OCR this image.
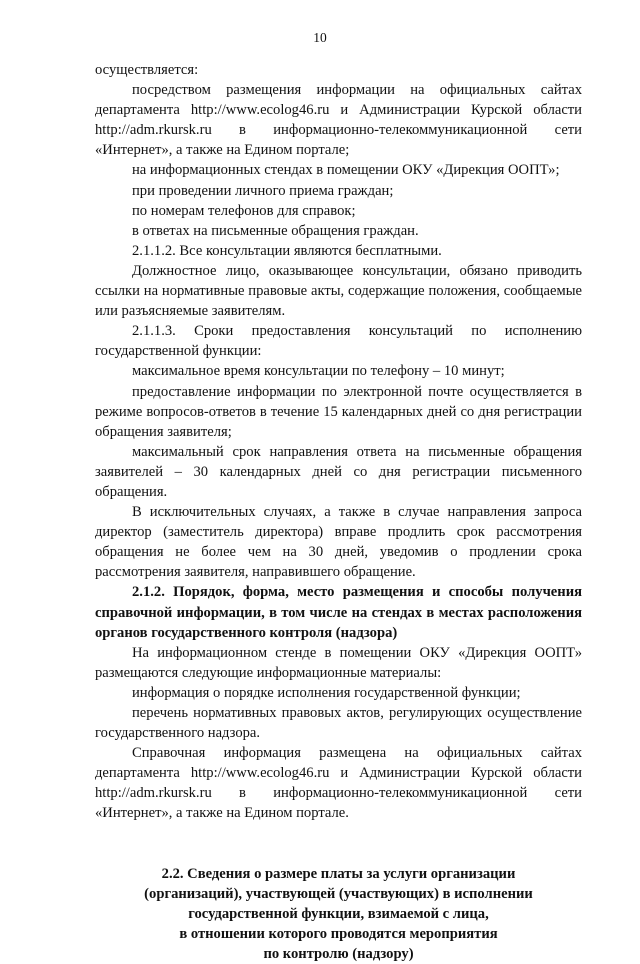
10

осуществляется:

посредством размещения информации на официальных сайтах департамента http://www.ecolog46.ru и Администрации Курской области http://adm.rkursk.ru в информационно-телекоммуникационной сети «Интернет», а также на Едином портале;

на информационных стендах в помещении ОКУ «Дирекция ООПТ»;

при проведении личного приема граждан;

по номерам телефонов для справок;

в ответах на письменные обращения граждан.

2.1.1.2. Все консультации являются бесплатными.

Должностное лицо, оказывающее консультации, обязано приводить ссылки на нормативные правовые акты, содержащие положения, сообщаемые или разъясняемые заявителям.

2.1.1.3. Сроки предоставления консультаций по исполнению государственной функции:

максимальное время консультации по телефону – 10 минут;

предоставление информации по электронной почте осуществляется в режиме вопросов-ответов в течение 15 календарных дней со дня регистрации обращения заявителя;

максимальный срок направления ответа на письменные обращения заявителей – 30 календарных дней со дня регистрации письменного обращения.

В исключительных случаях, а также в случае направления запроса директор (заместитель директора) вправе продлить срок рассмотрения обращения не более чем на 30 дней, уведомив о продлении срока рассмотрения заявителя, направившего обращение.

2.1.2. Порядок, форма, место размещения и способы получения справочной информации, в том числе на стендах в местах расположения органов государственного контроля (надзора)

На информационном стенде в помещении ОКУ «Дирекция ООПТ» размещаются следующие информационные материалы:

информация о порядке исполнения государственной функции;

перечень нормативных правовых актов, регулирующих осуществление государственного надзора.

Справочная информация размещена на официальных сайтах департамента http://www.ecolog46.ru и Администрации Курской области http://adm.rkursk.ru в информационно-телекоммуникационной сети «Интернет», а также на Едином портале.

2.2. Сведения о размере платы за услуги организации
(организаций), участвующей (участвующих) в исполнении
государственной функции, взимаемой с лица,
в отношении которого проводятся мероприятия
по контролю (надзору)
